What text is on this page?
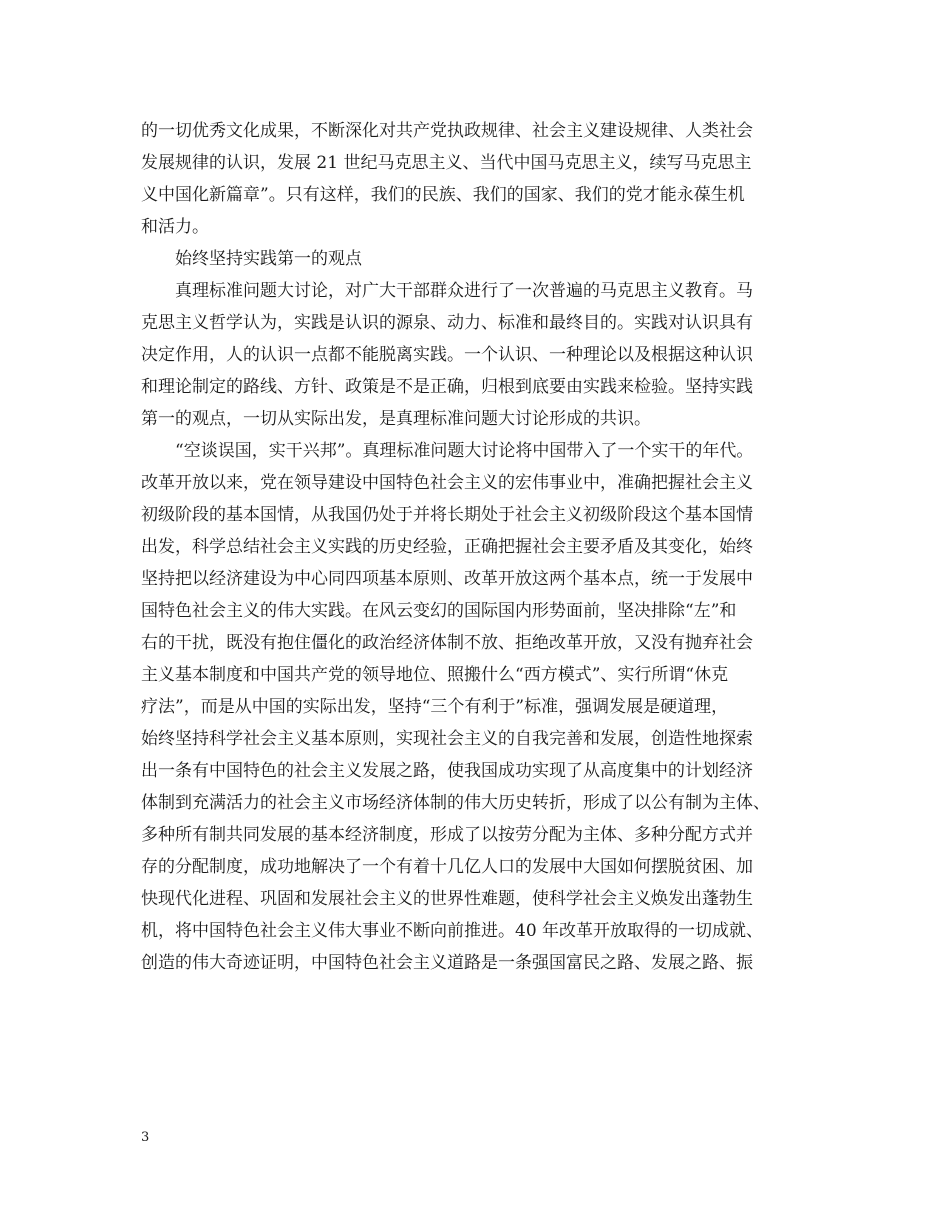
的一切优秀文化成果，不断深化对共产党执政规律、社会主义建设规律、人类社会
发展规律的认识，发展 21 世纪马克思主义、当代中国马克思主义，续写马克思主
义中国化新篇章”。只有这样，我们的民族、我们的国家、我们的党才能永葆生机
和活力。
始终坚持实践第一的观点
真理标准问题大讨论，对广大干部群众进行了一次普遍的马克思主义教育。马
克思主义哲学认为，实践是认识的源泉、动力、标准和最终目的。实践对认识具有
决定作用，人的认识一点都不能脱离实践。一个认识、一种理论以及根据这种认识
和理论制定的路线、方针、政策是不是正确，归根到底要由实践来检验。坚持实践
第一的观点，一切从实际出发，是真理标准问题大讨论形成的共识。
“空谈误国，实干兴邦”。真理标准问题大讨论将中国带入了一个实干的年代。
改革开放以来，党在领导建设中国特色社会主义的宏伟事业中，准确把握社会主义
初级阶段的基本国情，从我国仍处于并将长期处于社会主义初级阶段这个基本国情
出发，科学总结社会主义实践的历史经验，正确把握社会主要矛盾及其变化，始终
坚持把以经济建设为中心同四项基本原则、改革开放这两个基本点，统一于发展中
国特色社会主义的伟大实践。在风云变幻的国际国内形势面前，坚决排除“左”和
右的干扰，既没有抱住僵化的政治经济体制不放、拒绝改革开放，又没有抛弃社会
主义基本制度和中国共产党的领导地位、照搬什么“西方模式”、实行所谓“休克
疗法”，而是从中国的实际出发，坚持“三个有利于”标准，强调发展是硬道理，
始终坚持科学社会主义基本原则，实现社会主义的自我完善和发展，创造性地探索
出一条有中国特色的社会主义发展之路，使我国成功实现了从高度集中的计划经济
体制到充满活力的社会主义市场经济体制的伟大历史转折，形成了以公有制为主体、
多种所有制共同发展的基本经济制度，形成了以按劳分配为主体、多种分配方式并
存的分配制度，成功地解决了一个有着十几亿人口的发展中大国如何摆脱贫困、加
快现代化进程、巩固和发展社会主义的世界性难题，使科学社会主义焕发出蓬勃生
机，将中国特色社会主义伟大事业不断向前推进。40 年改革开放取得的一切成就、
创造的伟大奇迹证明，中国特色社会主义道路是一条强国富民之路、发展之路、振
3
